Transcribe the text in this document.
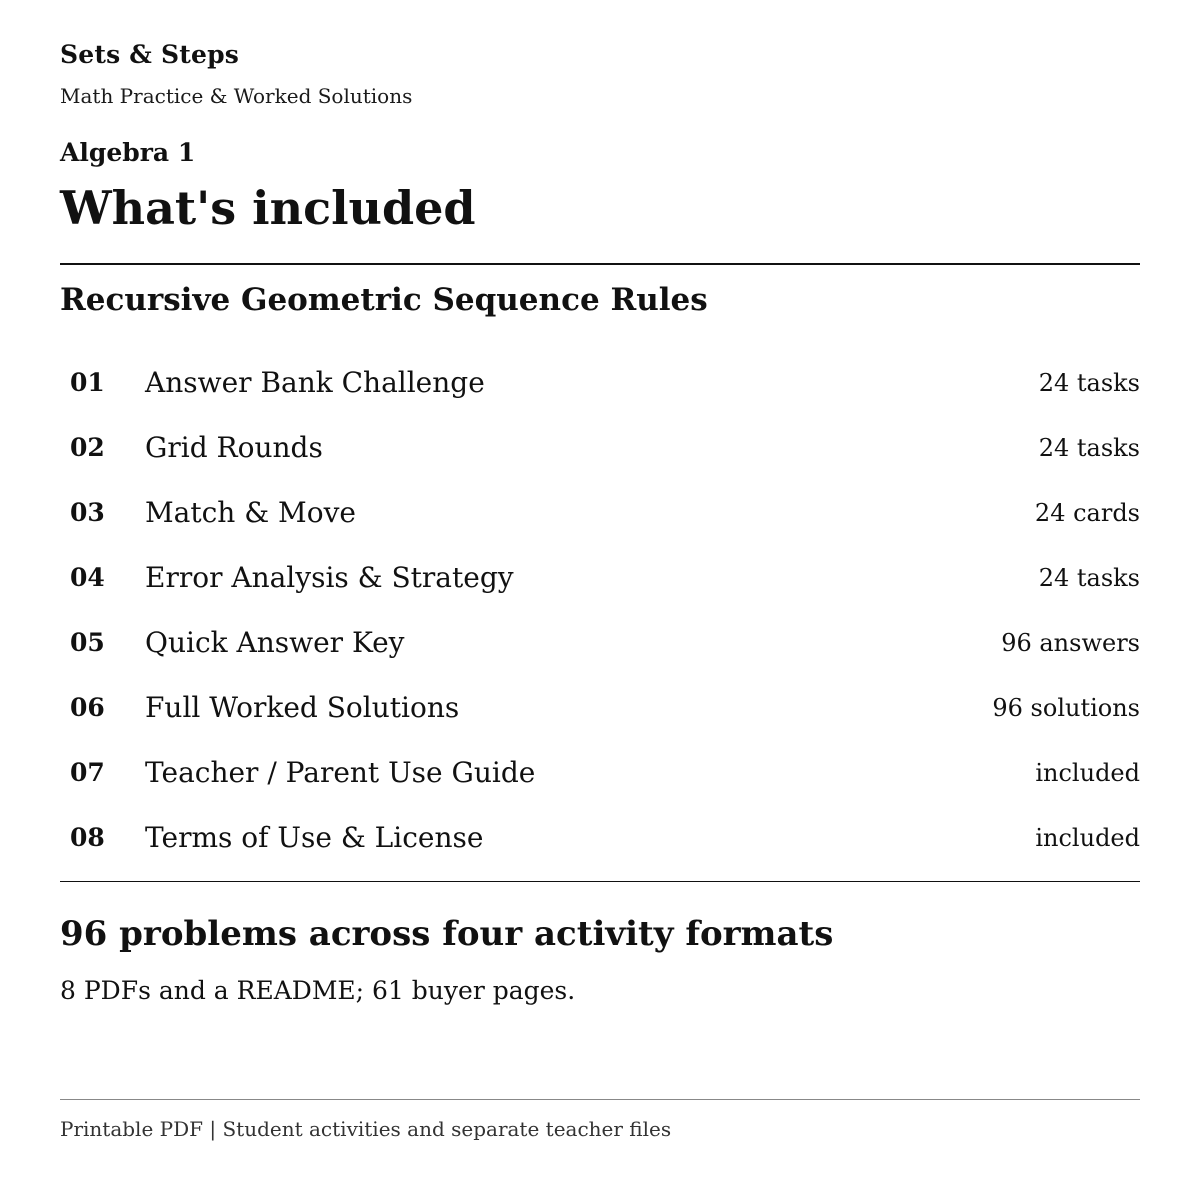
Sets & Steps
Math Practice & Worked Solutions
Algebra 1
What's included
Recursive Geometric Sequence Rules
01 Answer Bank Challenge	24 tasks
02 Grid Rounds	24 tasks
03 Match & Move	24 cards
04 Error Analysis & Strategy	24 tasks
05 Quick Answer Key	96 answers
06 Full Worked Solutions	96 solutions
07 Teacher / Parent Use Guide	included
08 Terms of Use & License	included
96 problems across four activity formats

8 PDFs and a README; 61 buyer pages.

Printable PDF | Student activities and separate teacher files
